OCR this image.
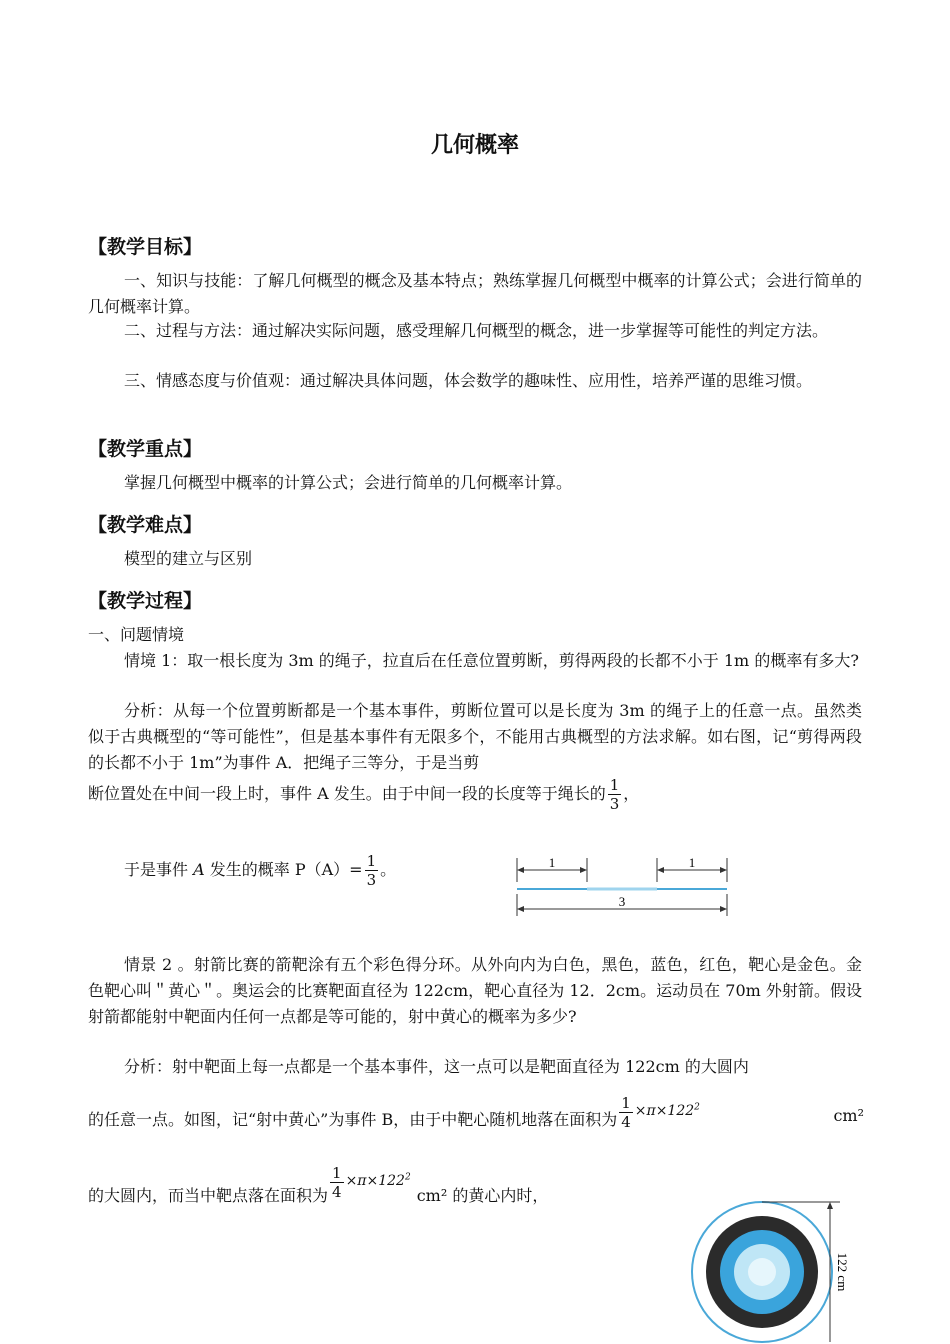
几何概率
【教学目标】
一、知识与技能：了解几何概型的概念及基本特点；熟练掌握几何概型中概率的计算公式；会进行简单的几何概率计算。
二、过程与方法：通过解决实际问题，感受理解几何概型的概念，进一步掌握等可能性的判定方法。
三、情感态度与价值观：通过解决具体问题，体会数学的趣味性、应用性，培养严谨的思维习惯。
【教学重点】
掌握几何概型中概率的计算公式；会进行简单的几何概率计算。
【教学难点】
模型的建立与区别
【教学过程】
一、问题情境
情境 1：取一根长度为 3m 的绳子，拉直后在任意位置剪断，剪得两段的长都不小于 1m 的概率有多大?
分析：从每一个位置剪断都是一个基本事件，剪断位置可以是长度为 3m 的绳子上的任意一点。虽然类似于古典概型的“等可能性”，但是基本事件有无限多个，不能用古典概型的方法求解。如右图，记“剪得两段的长都不小于 1m”为事件 A．把绳子三等分，于是当剪
断位置处在中间一段上时，事件 A 发生。由于中间一段的长度等于绳长的 $\frac{1}{3}$ ，
于是事件 A 发生的概率 $P(A)= \frac{1}{3}$ 。	1	1
3
情景 2 。射箭比赛的箭靶涂有五个彩色得分环。从外向内为白色，黑色，蓝色，红色，靶心是金色。金色靶心叫＂黄心＂。奥运会的比赛靶面直径为 122cm，靶心直径为 12．2cm。运动员在 70m 外射箭。假设射箭都能射中靶面内任何一点都是等可能的，射中黄心的概率为多少?
分析：射中靶面上每一点都是一个基本事件，这一点可以是靶面直径为 122cm 的大圆内
的任意一点。如图，记“射中黄心”为事件 B，由于中靶心随机地落在面积为 $\frac{1}{4} \times\pi\times 122^2$	cm²
的大圆内，而当中靶点落在面积为 $\frac{1}{4} \times\pi\times 122^2cm^2$ 的黄心内时，
122 cm
